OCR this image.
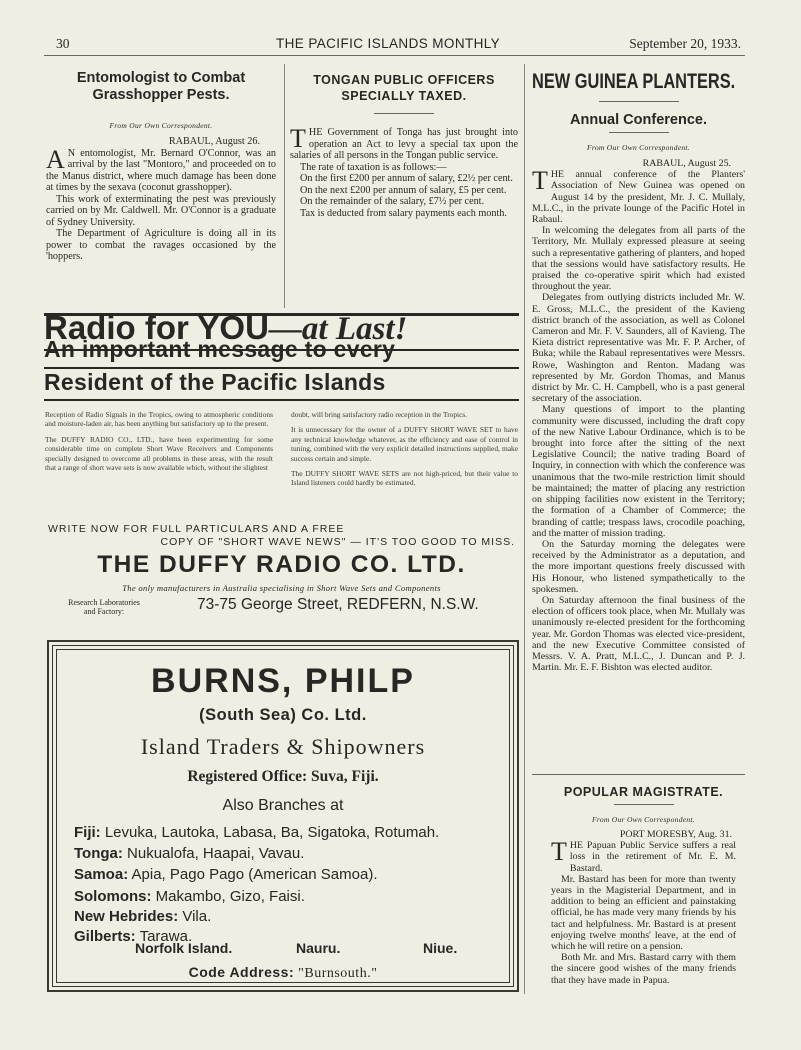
30	THE PACIFIC ISLANDS MONTHLY	September 20, 1933.
Entomologist to Combat
Grasshopper Pests.
From Our Own Correspondent.
RABAUL, August 26.

A N entomologist, Mr. Bernard O'Connor, was an arrival by the last "Montoro," and proceeded on to the Manus district, where much damage has been done at times by the sexava (coconut grasshopper).

This work of exterminating the pest was previously carried on by Mr. Caldwell. Mr. O'Connor is a graduate of Sydney University.

The Department of Agriculture is doing all in its power to combat the ravages occasioned by the 'hoppers.

TONGAN PUBLIC OFFICERS
SPECIALLY TAXED.

THE Government of Tonga has just brought into operation an Act to levy a special tax upon the salaries of all persons in the Tongan public service.

The rate of taxation is as follows:—

On the first £200 per annum of salary, £2½ per cent.

On the next £200 per annum of salary, £5 per cent.

On the remainder of the salary, £7½ per cent.

Tax is deducted from salary payments each month.

Radio for YOU—at Last!
An important message to every
Resident of the Pacific Islands

Reception of Radio Signals in the Tropics, owing to atmospheric conditions and moisture-laden air, has been anything but satisfactory up to the present.

The DUFFY RADIO CO., LTD., have been experimenting for some considerable time on complete Short Wave Receivers and Components specially designed to overcome all problems in these areas, with the result that a range of short wave sets is now available which, without the slightest

doubt, will bring satisfactory radio reception in the Tropics.

It is unnecessary for the owner of a DUFFY SHORT WAVE SET to have any technical knowledge whatever, as the efficiency and ease of control in tuning, combined with the very explicit detailed instructions supplied, make success certain and simple.

The DUFFY SHORT WAVE SETS are not high-priced, but their value to Island listeners could hardly be estimated.

WRITE NOW FOR FULL PARTICULARS AND A FREE
COPY OF "SHORT WAVE NEWS" — IT'S TOO GOOD TO MISS.
THE DUFFY RADIO CO. LTD.
The only manufacturers in Australia specialising in Short Wave Sets and Components
Research Laboratories
and Factory:	73-75 George Street, REDFERN, N.S.W.
BURNS, PHILP
(South Sea) Co. Ltd.
Island Traders & Shipowners
Registered Office: Suva, Fiji.
Also Branches at
Fiji: Levuka, Lautoka, Labasa, Ba, Sigatoka, Rotumah.
Tonga: Nukualofa, Haapai, Vavau.
Samoa: Apia, Pago Pago (American Samoa).
Solomons: Makambo, Gizo, Faisi.
New Hebrides: Vila.
Gilberts: Tarawa.
Norfolk Island.	Nauru.	Niue.
Code Address: "Burnsouth."
NEW GUINEA PLANTERS.
Annual Conference.
From Our Own Correspondent.
RABAUL, August 25.

THE annual conference of the Planters' Association of New Guinea was opened on August 14 by the president, Mr. J. C. Mullaly, M.L.C., in the private lounge of the Pacific Hotel in Rabaul.

In welcoming the delegates from all parts of the Territory, Mr. Mullaly expressed pleasure at seeing such a representative gathering of planters, and hoped that the sessions would have satisfactory results. He praised the co-operative spirit which had existed throughout the year.

Delegates from outlying districts included Mr. W. E. Gross, M.L.C., the president of the Kavieng district branch of the association, as well as Colonel Cameron and Mr. F. V. Saunders, all of Kavieng. The Kieta district representative was Mr. F. P. Archer, of Buka; while the Rabaul representatives were Messrs. Rowe, Washington and Renton. Madang was represented by Mr. Gordon Thomas, and Manus district by Mr. C. H. Campbell, who is a past general secretary of the association.

Many questions of import to the planting community were discussed, including the draft copy of the new Native Labour Ordinance, which is to be brought into force after the sitting of the next Legislative Council; the native trading Board of Inquiry, in connection with which the conference was unanimous that the two-mile restriction limit should be maintained; the matter of placing any restriction on shipping facilities now existent in the Territory; the formation of a Chamber of Commerce; the branding of cattle; trespass laws, crocodile poaching, and the matter of mission trading.

On the Saturday morning the delegates were received by the Administrator as a deputation, and the more important questions freely discussed with His Honour, who listened sympathetically to the spokesmen.

On Saturday afternoon the final business of the election of officers took place, when Mr. Mullaly was unanimously re-elected president for the forthcoming year. Mr. Gordon Thomas was elected vice-president, and the new Executive Committee consisted of Messrs. V. A. Pratt, M.L.C., J. Duncan and P. J. Martin. Mr. E. F. Bishton was elected auditor.

POPULAR MAGISTRATE.
From Our Own Correspondent.
PORT MORESBY, Aug. 31.

THE Papuan Public Service suffers a real loss in the retirement of Mr. E. M. Bastard.

Mr. Bastard has been for more than twenty years in the Magisterial Department, and in addition to being an efficient and painstaking official, he has made very many friends by his tact and helpfulness. Mr. Bastard is at present enjoying twelve months' leave, at the end of which he will retire on a pension.

Both Mr. and Mrs. Bastard carry with them the sincere good wishes of the many friends that they have made in Papua.
